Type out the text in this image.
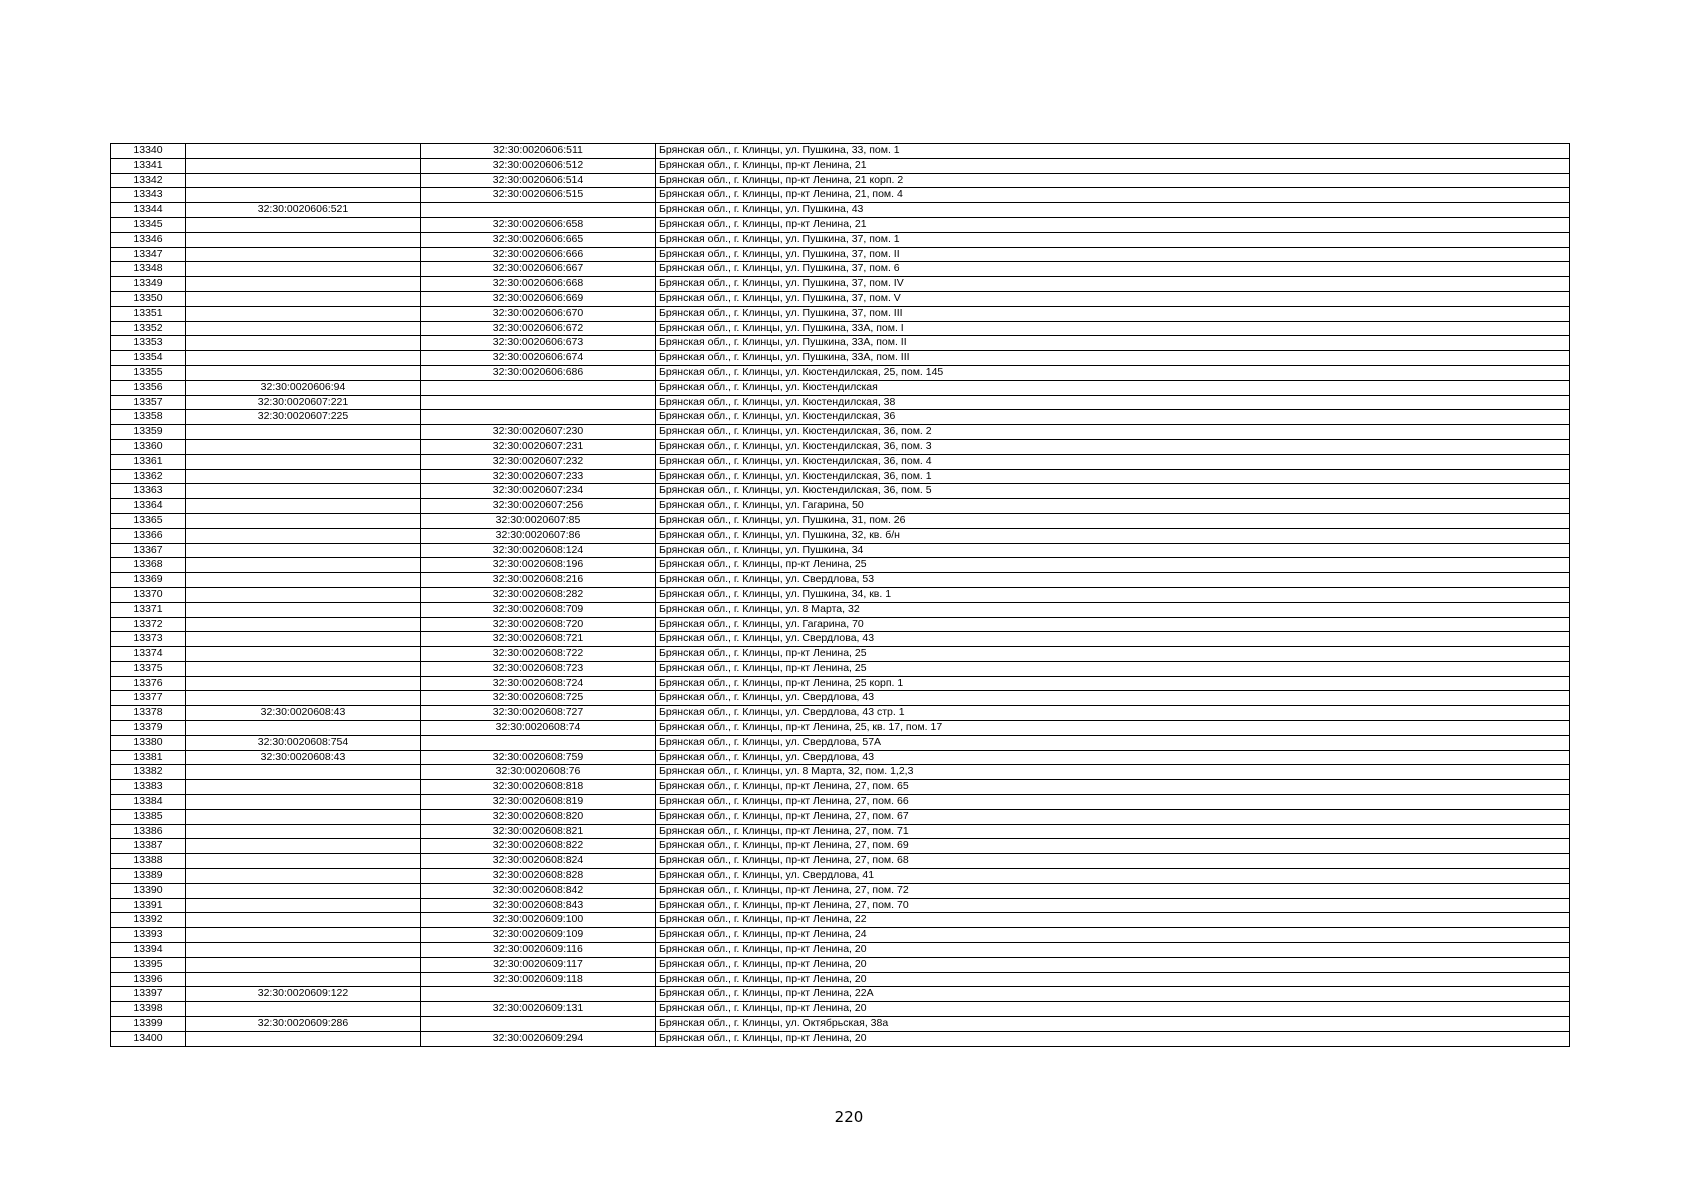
13340		32:30:0020606:511	Брянская обл., г. Клинцы, ул. Пушкина, 33, пом. 1
13341		32:30:0020606:512	Брянская обл., г. Клинцы, пр-кт Ленина, 21
13342		32:30:0020606:514	Брянская обл., г. Клинцы, пр-кт Ленина, 21 корп. 2
13343		32:30:0020606:515	Брянская обл., г. Клинцы, пр-кт Ленина, 21, пом. 4
13344	32:30:0020606:521		Брянская обл., г. Клинцы, ул. Пушкина, 43
13345		32:30:0020606:658	Брянская обл., г. Клинцы, пр-кт Ленина, 21
13346		32:30:0020606:665	Брянская обл., г. Клинцы, ул. Пушкина, 37, пом. 1
13347		32:30:0020606:666	Брянская обл., г. Клинцы, ул. Пушкина, 37, пом. II
13348		32:30:0020606:667	Брянская обл., г. Клинцы, ул. Пушкина, 37, пом. 6
13349		32:30:0020606:668	Брянская обл., г. Клинцы, ул. Пушкина, 37, пом. IV
13350		32:30:0020606:669	Брянская обл., г. Клинцы, ул. Пушкина, 37, пом. V
13351		32:30:0020606:670	Брянская обл., г. Клинцы, ул. Пушкина, 37, пом. III
13352		32:30:0020606:672	Брянская обл., г. Клинцы, ул. Пушкина, 33А, пом. I
13353		32:30:0020606:673	Брянская обл., г. Клинцы, ул. Пушкина, 33А, пом. II
13354		32:30:0020606:674	Брянская обл., г. Клинцы, ул. Пушкина, 33А, пом. III
13355		32:30:0020606:686	Брянская обл., г. Клинцы, ул. Кюстендилская, 25, пом. 145
13356	32:30:0020606:94		Брянская обл., г. Клинцы, ул. Кюстендилская
13357	32:30:0020607:221		Брянская обл., г. Клинцы, ул. Кюстендилская, 38
13358	32:30:0020607:225		Брянская обл., г. Клинцы, ул. Кюстендилская, 36
13359		32:30:0020607:230	Брянская обл., г. Клинцы, ул. Кюстендилская, 36, пом. 2
13360		32:30:0020607:231	Брянская обл., г. Клинцы, ул. Кюстендилская, 36, пом. 3
13361		32:30:0020607:232	Брянская обл., г. Клинцы, ул. Кюстендилская, 36, пом. 4
13362		32:30:0020607:233	Брянская обл., г. Клинцы, ул. Кюстендилская, 36, пом. 1
13363		32:30:0020607:234	Брянская обл., г. Клинцы, ул. Кюстендилская, 36, пом. 5
13364		32:30:0020607:256	Брянская обл., г. Клинцы, ул. Гагарина, 50
13365		32:30:0020607:85	Брянская обл., г. Клинцы, ул. Пушкина, 31, пом. 26
13366		32:30:0020607:86	Брянская обл., г. Клинцы, ул. Пушкина, 32, кв. б/н
13367		32:30:0020608:124	Брянская обл., г. Клинцы, ул. Пушкина, 34
13368		32:30:0020608:196	Брянская обл., г. Клинцы, пр-кт Ленина, 25
13369		32:30:0020608:216	Брянская обл., г. Клинцы, ул. Свердлова, 53
13370		32:30:0020608:282	Брянская обл., г. Клинцы, ул. Пушкина, 34, кв. 1
13371		32:30:0020608:709	Брянская обл., г. Клинцы, ул. 8 Марта, 32
13372		32:30:0020608:720	Брянская обл., г. Клинцы, ул. Гагарина, 70
13373		32:30:0020608:721	Брянская обл., г. Клинцы, ул. Свердлова, 43
13374		32:30:0020608:722	Брянская обл., г. Клинцы, пр-кт Ленина, 25
13375		32:30:0020608:723	Брянская обл., г. Клинцы, пр-кт Ленина, 25
13376		32:30:0020608:724	Брянская обл., г. Клинцы, пр-кт Ленина, 25 корп. 1
13377		32:30:0020608:725	Брянская обл., г. Клинцы, ул. Свердлова, 43
13378	32:30:0020608:43	32:30:0020608:727	Брянская обл., г. Клинцы, ул. Свердлова, 43 стр. 1
13379		32:30:0020608:74	Брянская обл., г. Клинцы, пр-кт Ленина, 25, кв. 17, пом. 17
13380	32:30:0020608:754		Брянская обл., г. Клинцы, ул. Свердлова, 57А
13381	32:30:0020608:43	32:30:0020608:759	Брянская обл., г. Клинцы, ул. Свердлова, 43
13382		32:30:0020608:76	Брянская обл., г. Клинцы, ул. 8 Марта, 32, пом. 1,2,3
13383		32:30:0020608:818	Брянская обл., г. Клинцы, пр-кт Ленина, 27, пом. 65
13384		32:30:0020608:819	Брянская обл., г. Клинцы, пр-кт Ленина, 27, пом. 66
13385		32:30:0020608:820	Брянская обл., г. Клинцы, пр-кт Ленина, 27, пом. 67
13386		32:30:0020608:821	Брянская обл., г. Клинцы, пр-кт Ленина, 27, пом. 71
13387		32:30:0020608:822	Брянская обл., г. Клинцы, пр-кт Ленина, 27, пом. 69
13388		32:30:0020608:824	Брянская обл., г. Клинцы, пр-кт Ленина, 27, пом. 68
13389		32:30:0020608:828	Брянская обл., г. Клинцы, ул. Свердлова, 41
13390		32:30:0020608:842	Брянская обл., г. Клинцы, пр-кт Ленина, 27, пом. 72
13391		32:30:0020608:843	Брянская обл., г. Клинцы, пр-кт Ленина, 27, пом. 70
13392		32:30:0020609:100	Брянская обл., г. Клинцы, пр-кт Ленина, 22
13393		32:30:0020609:109	Брянская обл., г. Клинцы, пр-кт Ленина, 24
13394		32:30:0020609:116	Брянская обл., г. Клинцы, пр-кт Ленина, 20
13395		32:30:0020609:117	Брянская обл., г. Клинцы, пр-кт Ленина, 20
13396		32:30:0020609:118	Брянская обл., г. Клинцы, пр-кт Ленина, 20
13397	32:30:0020609:122		Брянская обл., г. Клинцы, пр-кт Ленина, 22А
13398		32:30:0020609:131	Брянская обл., г. Клинцы, пр-кт Ленина, 20
13399	32:30:0020609:286		Брянская обл., г. Клинцы, ул. Октябрьская, 38а
13400		32:30:0020609:294	Брянская обл., г. Клинцы, пр-кт Ленина, 20
220
